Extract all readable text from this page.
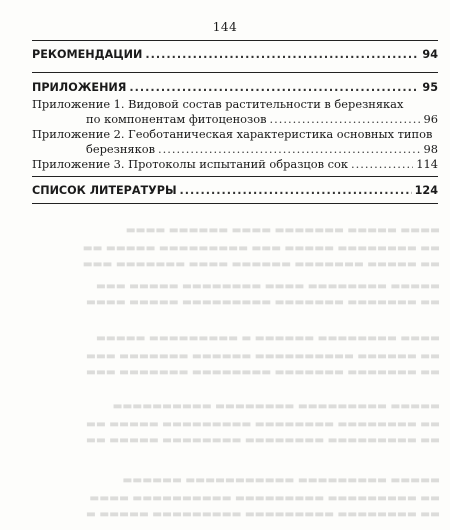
144
РЕКОМЕНДАЦИИ .....	94
ПРИЛОЖЕНИЯ .....	95
Приложение 1. Видовой состав растительности в березняках
по компонентам фитоценозов .....	96
Приложение 2. Геоботаническая характеристика основных типов
березняков .....	98
Приложение 3. Протоколы испытаний образцов сок .....	114
СПИСОК ЛИТЕРАТУРЫ .....	124
▬▬▬▬ ▬▬▬▬▬ ▬▬▬▬▬▬▬ ▬▬▬▬ ▬▬▬▬▬▬ ▬▬▬▬
▬▬ ▬▬▬▬▬▬▬▬ ▬▬▬▬▬ ▬▬▬ ▬▬▬▬▬▬▬▬▬ ▬▬▬▬▬ ▬▬
▬▬ ▬▬▬▬▬ ▬▬▬▬▬▬▬ ▬▬▬▬▬▬ ▬▬▬▬ ▬▬▬▬▬▬▬ ▬▬▬
▬▬▬▬▬ ▬▬▬▬▬▬▬▬ ▬▬▬▬ ▬▬▬▬▬▬▬▬ ▬▬▬▬▬ ▬▬▬
▬▬ ▬▬▬▬▬▬▬ ▬▬▬▬▬▬▬ ▬▬▬▬▬▬▬▬▬ ▬▬▬▬▬ ▬▬▬▬
▬▬▬▬ ▬▬▬▬▬▬▬▬ ▬▬▬▬▬▬ ▬ ▬▬▬▬▬▬▬▬▬ ▬▬▬▬▬
▬▬ ▬▬▬▬▬▬ ▬▬▬▬▬▬▬▬▬▬ ▬▬▬▬▬▬ ▬▬▬▬▬▬▬ ▬▬▬
▬▬ ▬▬▬▬▬▬▬ ▬▬▬▬▬▬▬ ▬▬▬▬▬▬▬▬ ▬▬▬▬▬▬▬ ▬▬▬
▬▬▬▬▬ ▬▬▬▬▬▬▬▬▬ ▬▬▬▬▬▬▬▬ ▬▬▬▬▬▬▬▬▬▬
▬▬ ▬▬▬▬▬▬▬▬ ▬▬▬▬▬▬▬▬ ▬▬▬▬▬▬▬▬▬ ▬▬▬▬▬ ▬▬
▬▬ ▬▬▬▬▬▬▬▬▬ ▬▬▬▬▬▬▬▬ ▬▬▬▬▬▬▬▬ ▬▬▬▬▬ ▬▬
▬▬▬▬▬ ▬▬▬▬▬▬▬▬▬ ▬▬▬▬▬▬▬▬▬▬▬ ▬▬▬▬▬▬
▬▬ ▬▬▬▬▬▬▬▬▬ ▬▬▬▬▬▬▬▬▬ ▬▬▬▬▬▬▬▬▬▬ ▬▬▬▬
▬▬ ▬▬▬▬▬▬▬▬ ▬▬▬▬▬▬▬▬▬ ▬▬▬▬▬▬▬▬▬ ▬▬▬▬▬ ▬
